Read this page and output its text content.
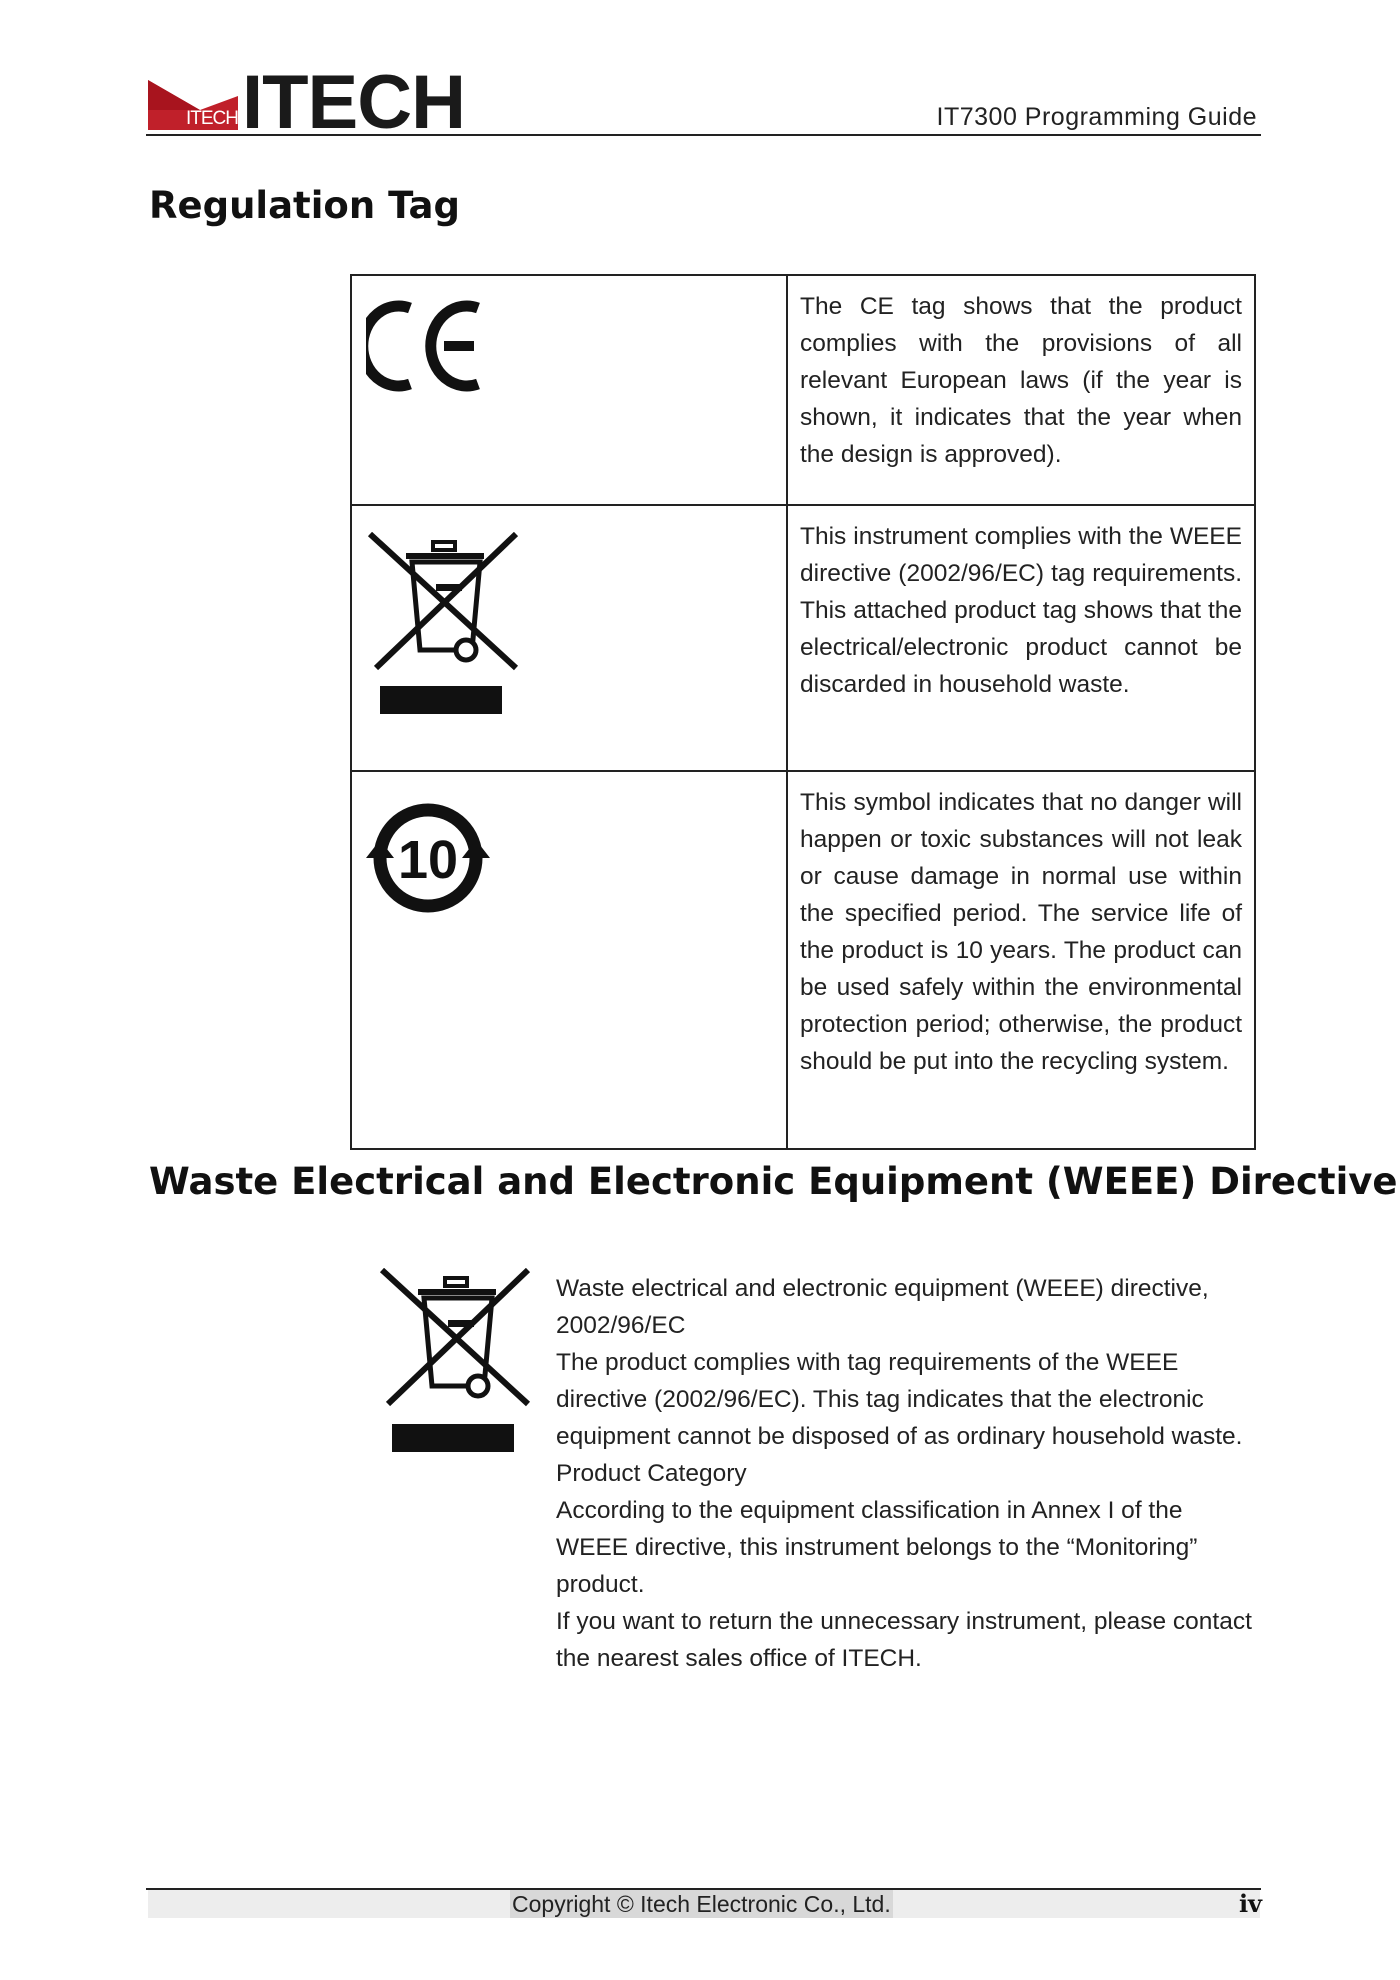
ITECH ITECH	IT7300 Programming Guide
Regulation Tag
CE	The CE tag shows that the product complies with the provisions of all relevant European laws (if the year is shown, it indicates that the year when the design is approved).

	This instrument complies with the WEEE directive (2002/96/EC) tag requirements. This attached product tag shows that the electrical/electronic product cannot be discarded in household waste.

10	This symbol indicates that no danger will happen or toxic substances will not leak or cause damage in normal use within the specified period. The service life of the product is 10 years. The product can be used safely within the environmental protection period; otherwise, the product should be put into the recycling system.
Waste Electrical and Electronic Equipment (WEEE) Directive

Waste electrical and electronic equipment (WEEE) directive, 2002/96/EC

The product complies with tag requirements of the WEEE directive (2002/96/EC). This tag indicates that the electronic equipment cannot be disposed of as ordinary household waste.

Product Category

According to the equipment classification in Annex I of the WEEE directive, this instrument belongs to the “Monitoring” product.

If you want to return the unnecessary instrument, please contact the nearest sales office of ITECH.

Copyright © Itech Electronic Co., Ltd.	iv
